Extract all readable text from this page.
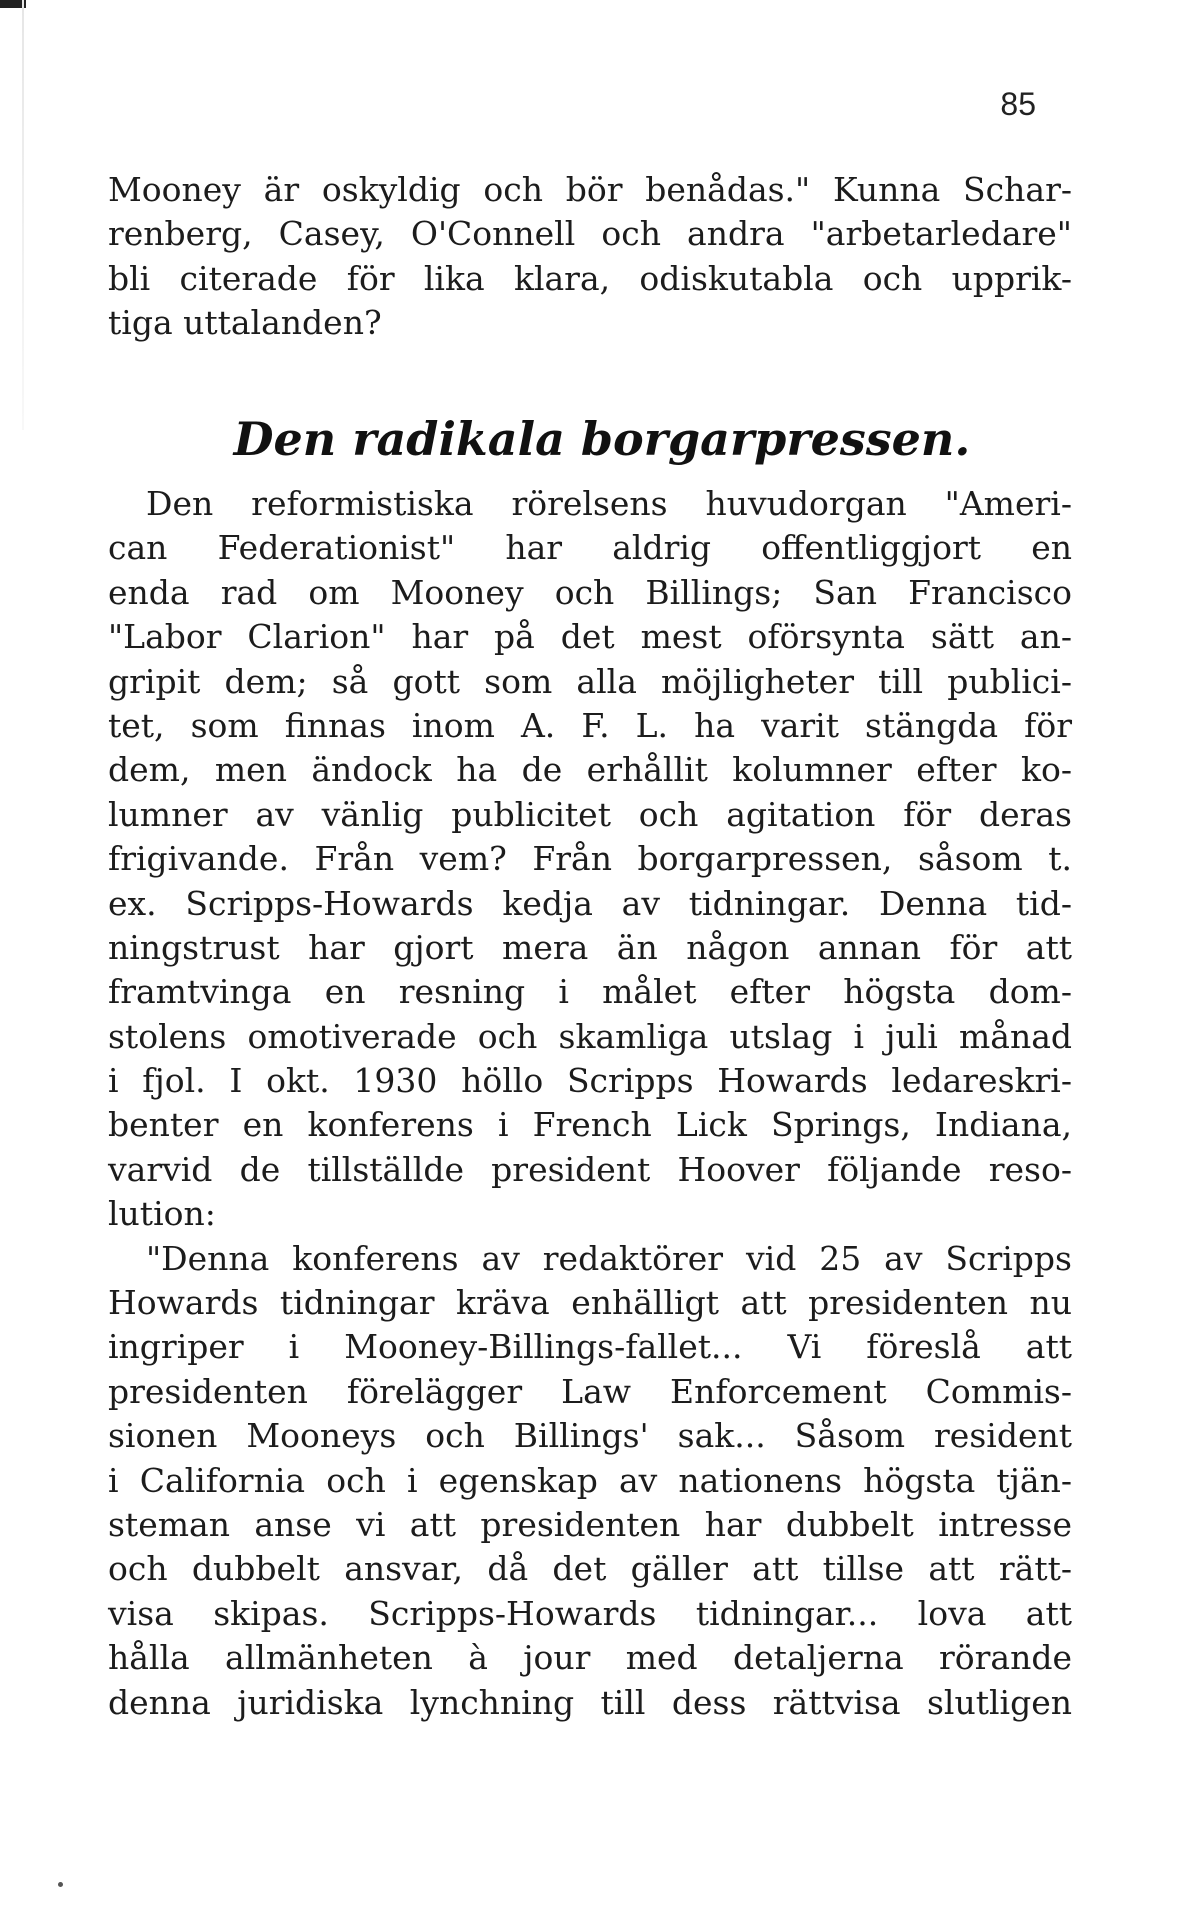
85
Mooney är oskyldig och bör benådas." Kunna Schar-
renberg, Casey, O'Connell och andra "arbetarledare"
bli citerade för lika klara, odiskutabla och upprik-
tiga uttalanden?
Den radikala borgarpressen.
Den reformistiska rörelsens huvudorgan "Ameri-
can Federationist" har aldrig offentliggjort en
enda rad om Mooney och Billings; San Francisco
"Labor Clarion" har på det mest oförsynta sätt an-
gripit dem; så gott som alla möjligheter till publici-
tet, som finnas inom A. F. L. ha varit stängda för
dem, men ändock ha de erhållit kolumner efter ko-
lumner av vänlig publicitet och agitation för deras
frigivande. Från vem? Från borgarpressen, såsom t.
ex. Scripps-Howards kedja av tidningar. Denna tid-
ningstrust har gjort mera än någon annan för att
framtvinga en resning i målet efter högsta dom-
stolens omotiverade och skamliga utslag i juli månad
i fjol. I okt. 1930 höllo Scripps Howards ledareskri-
benter en konferens i French Lick Springs, Indiana,
varvid de tillställde president Hoover följande reso-
lution:
"Denna konferens av redaktörer vid 25 av Scripps
Howards tidningar kräva enhälligt att presidenten nu
ingriper i Mooney-Billings-fallet... Vi föreslå att
presidenten förelägger Law Enforcement Commis-
sionen Mooneys och Billings' sak... Såsom resident
i California och i egenskap av nationens högsta tjän-
steman anse vi att presidenten har dubbelt intresse
och dubbelt ansvar, då det gäller att tillse att rätt-
visa skipas. Scripps-Howards tidningar... lova att
hålla allmänheten à jour med detaljerna rörande
denna juridiska lynchning till dess rättvisa slutligen
